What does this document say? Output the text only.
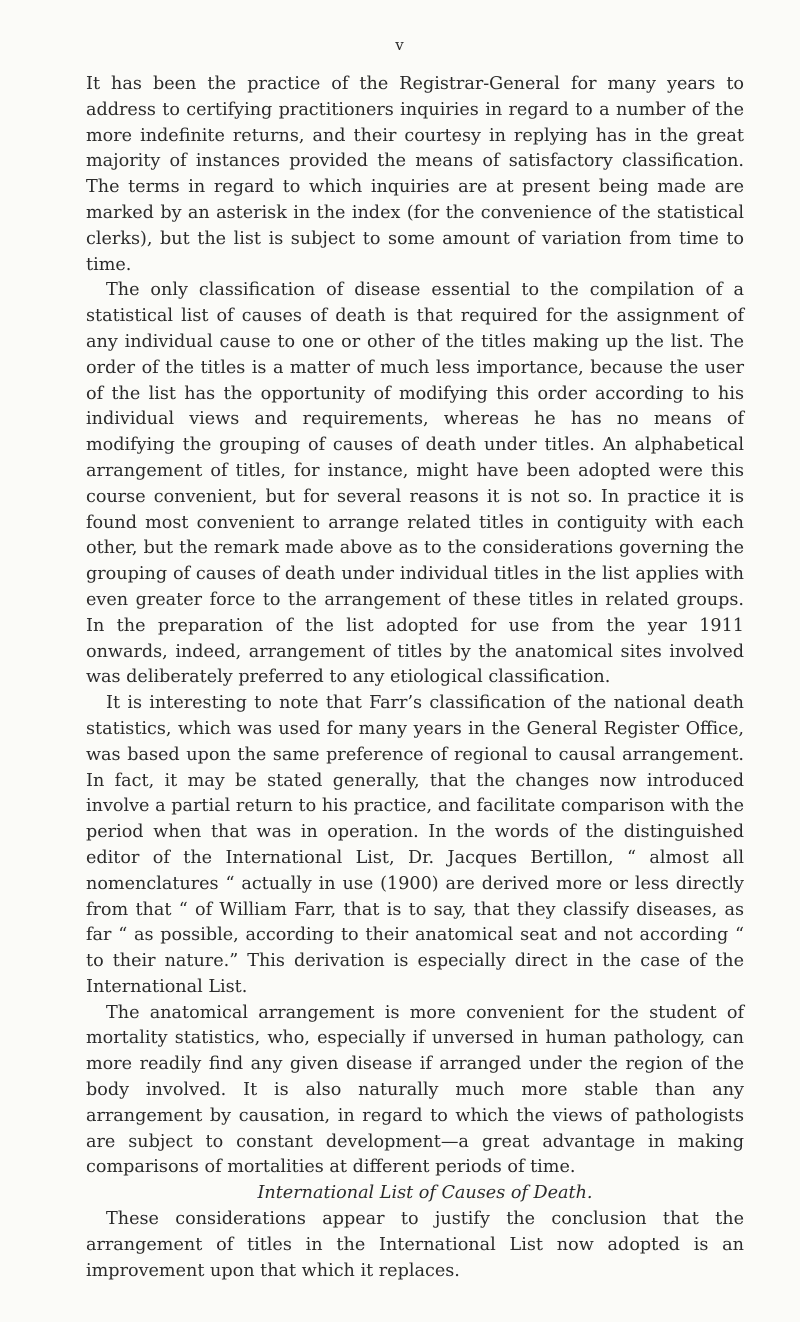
v

It has been the practice of the Registrar-General for many years to address to certifying practitioners inquiries in regard to a number of the more indefinite returns, and their courtesy in replying has in the great majority of instances provided the means of satisfactory classification. The terms in regard to which inquiries are at present being made are marked by an asterisk in the index (for the convenience of the statistical clerks), but the list is subject to some amount of variation from time to time.

The only classification of disease essential to the compilation of a statistical list of causes of death is that required for the assignment of any individual cause to one or other of the titles making up the list. The order of the titles is a matter of much less importance, because the user of the list has the opportunity of modifying this order according to his individual views and requirements, whereas he has no means of modifying the grouping of causes of death under titles. An alphabetical arrangement of titles, for instance, might have been adopted were this course convenient, but for several reasons it is not so. In practice it is found most convenient to arrange related titles in contiguity with each other, but the remark made above as to the considerations governing the grouping of causes of death under individual titles in the list applies with even greater force to the arrangement of these titles in related groups. In the preparation of the list adopted for use from the year 1911 onwards, indeed, arrangement of titles by the anatomical sites involved was deliberately preferred to any etiological classification.

It is interesting to note that Farr’s classification of the national death statistics, which was used for many years in the General Register Office, was based upon the same preference of regional to causal arrangement. In fact, it may be stated generally, that the changes now introduced involve a partial return to his practice, and facilitate comparison with the period when that was in operation. In the words of the distinguished editor of the International List, Dr. Jacques Bertillon, “ almost all nomenclatures “ actually in use (1900) are derived more or less directly from that “ of William Farr, that is to say, that they classify diseases, as far “ as possible, according to their anatomical seat and not according “ to their nature.” This derivation is especially direct in the case of the International List.

The anatomical arrangement is more convenient for the student of mortality statistics, who, especially if unversed in human pathology, can more readily find any given disease if arranged under the region of the body involved. It is also naturally much more stable than any arrangement by causation, in regard to which the views of pathologists are subject to constant development—a great advantage in making comparisons of mortalities at different periods of time.

International List of Causes of Death.

These considerations appear to justify the conclusion that the arrangement of titles in the International List now adopted is an improvement upon that which it replaces.
